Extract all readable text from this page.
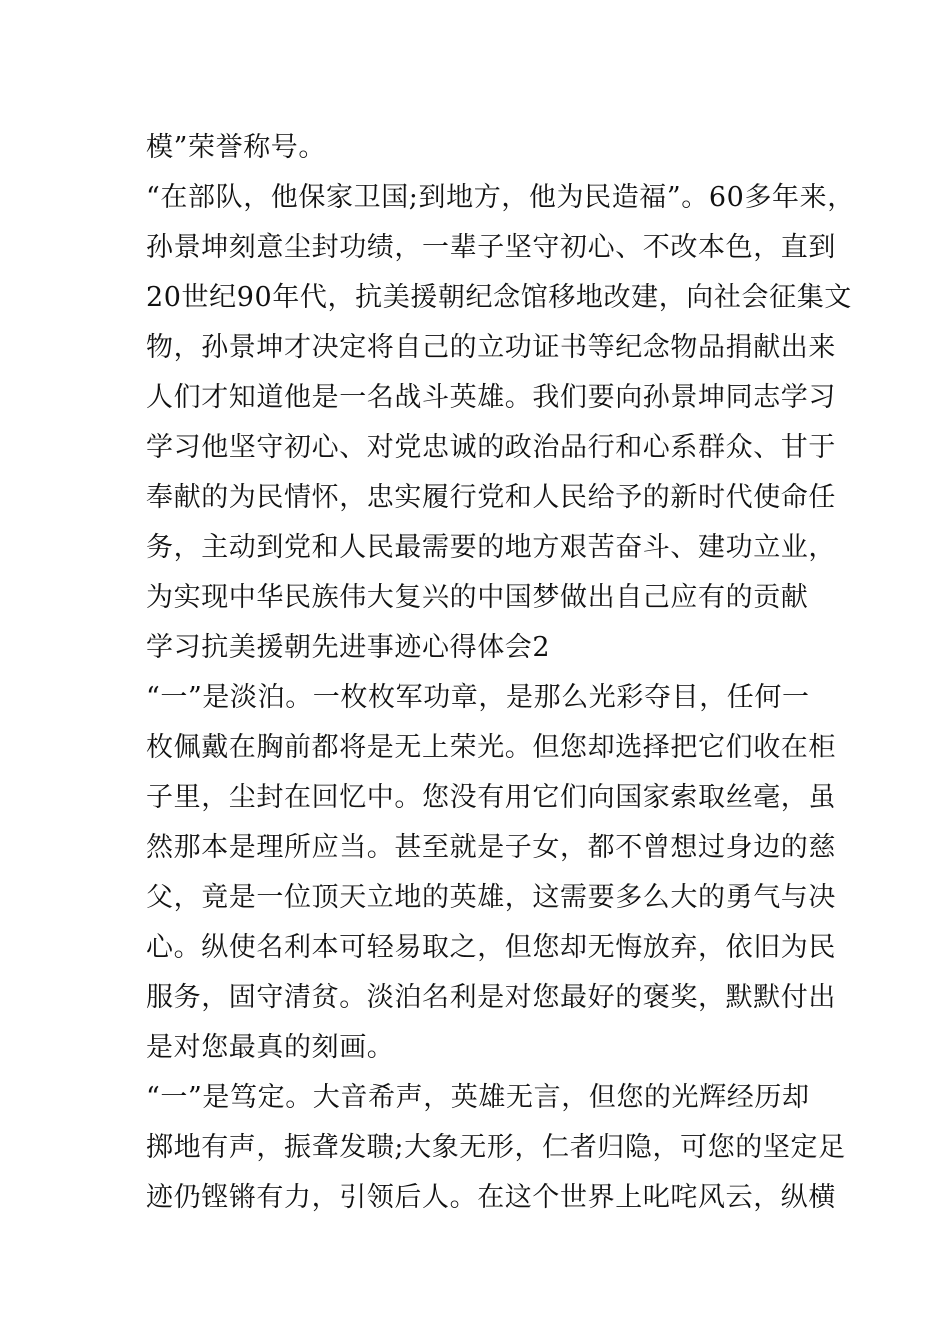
模”荣誉称号。
“在部队，他保家卫国;到地方，他为民造福”。60多年来，
孙景坤刻意尘封功绩，一辈子坚守初心、不改本色，直到
20世纪90年代，抗美援朝纪念馆移地改建，向社会征集文
物，孙景坤才决定将自己的立功证书等纪念物品捐献出来
人们才知道他是一名战斗英雄。我们要向孙景坤同志学习
学习他坚守初心、对党忠诚的政治品行和心系群众、甘于
奉献的为民情怀，忠实履行党和人民给予的新时代使命任
务，主动到党和人民最需要的地方艰苦奋斗、建功立业，
为实现中华民族伟大复兴的中国梦做出自己应有的贡献
学习抗美援朝先进事迹心得体会2
“一”是淡泊。一枚枚军功章，是那么光彩夺目，任何一
枚佩戴在胸前都将是无上荣光。但您却选择把它们收在柜
子里，尘封在回忆中。您没有用它们向国家索取丝毫，虽
然那本是理所应当。甚至就是子女，都不曾想过身边的慈
父，竟是一位顶天立地的英雄，这需要多么大的勇气与决
心。纵使名利本可轻易取之，但您却无悔放弃，依旧为民
服务，固守清贫。淡泊名利是对您最好的褒奖，默默付出
是对您最真的刻画。
“一”是笃定。大音希声，英雄无言，但您的光辉经历却
掷地有声，振聋发聩;大象无形，仁者归隐，可您的坚定足
迹仍铿锵有力，引领后人。在这个世界上叱咤风云，纵横
